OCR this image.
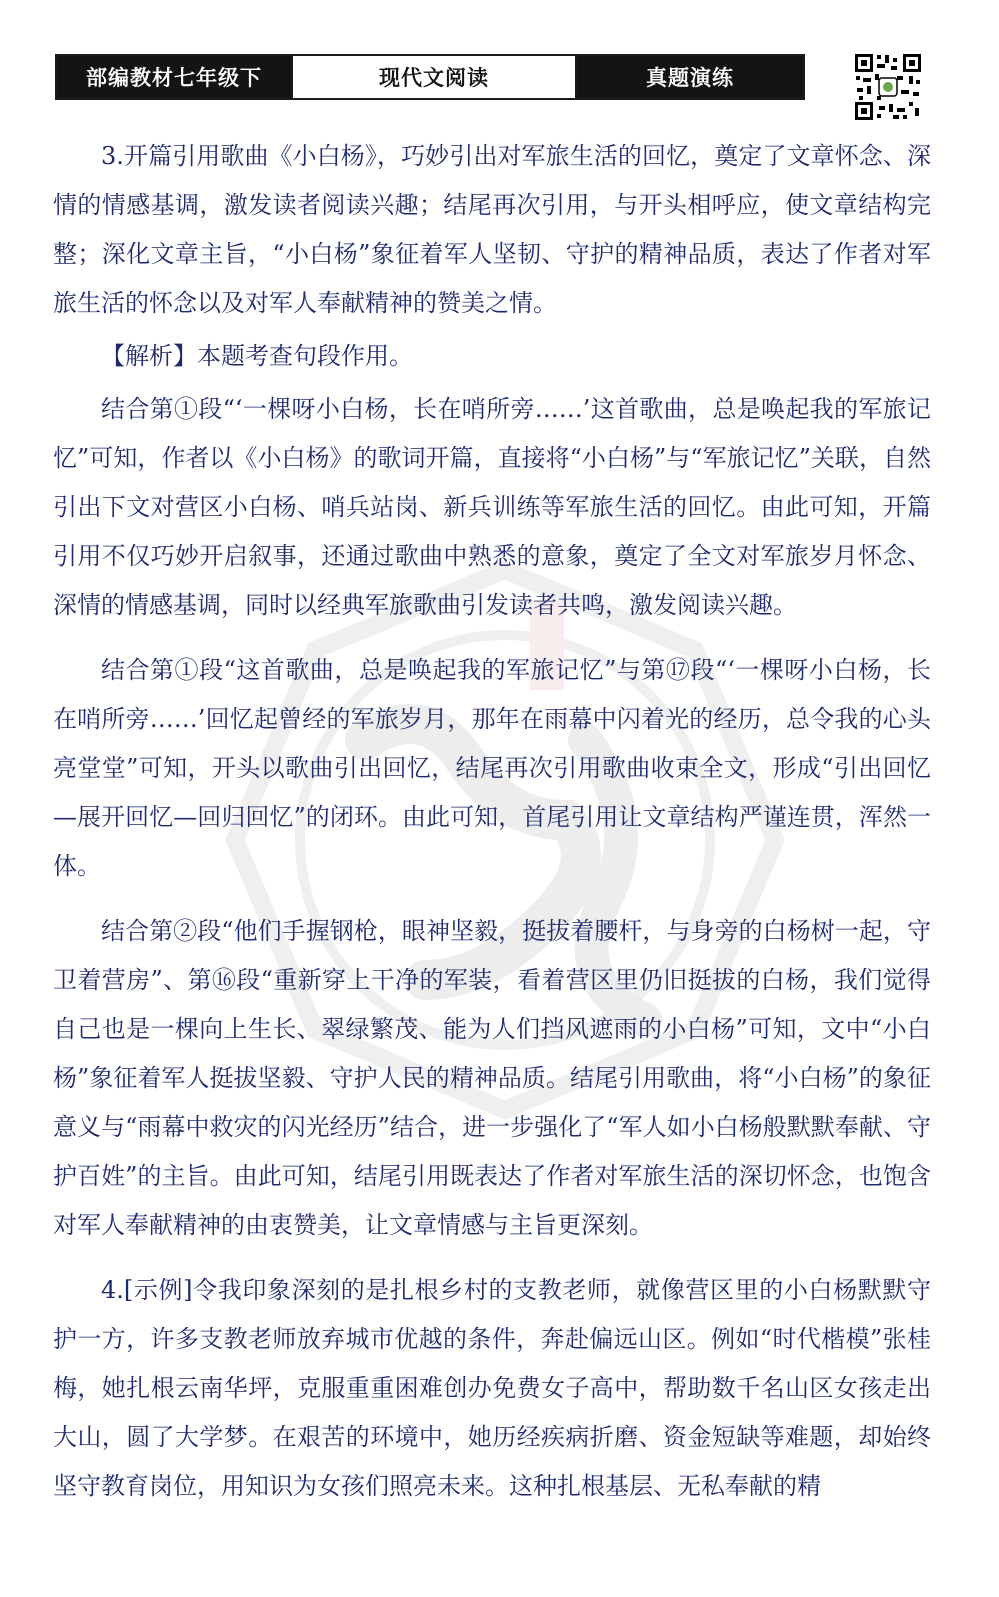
部编教材七年级下	现代文阅读	真题演练

3.开篇引用歌曲《小白杨》，巧妙引出对军旅生活的回忆，奠定了文章怀念、深情的情感基调，激发读者阅读兴趣；结尾再次引用，与开头相呼应，使文章结构完整；深化文章主旨，“小白杨”象征着军人坚韧、守护的精神品质，表达了作者对军旅生活的怀念以及对军人奉献精神的赞美之情。

【解析】本题考查句段作用。

结合第①段“‘一棵呀小白杨，长在哨所旁……’这首歌曲，总是唤起我的军旅记忆”可知，作者以《小白杨》的歌词开篇，直接将“小白杨”与“军旅记忆”关联，自然引出下文对营区小白杨、哨兵站岗、新兵训练等军旅生活的回忆。由此可知，开篇引用不仅巧妙开启叙事，还通过歌曲中熟悉的意象，奠定了全文对军旅岁月怀念、深情的情感基调，同时以经典军旅歌曲引发读者共鸣，激发阅读兴趣。

结合第①段“这首歌曲，总是唤起我的军旅记忆”与第⑰段“‘一棵呀小白杨，长在哨所旁……’回忆起曾经的军旅岁月，那年在雨幕中闪着光的经历，总令我的心头亮堂堂”可知，开头以歌曲引出回忆，结尾再次引用歌曲收束全文，形成“引出回忆—展开回忆—回归回忆”的闭环。由此可知，首尾引用让文章结构严谨连贯，浑然一体。

结合第②段“他们手握钢枪，眼神坚毅，挺拔着腰杆，与身旁的白杨树一起，守卫着营房”、第⑯段“重新穿上干净的军装，看着营区里仍旧挺拔的白杨，我们觉得自己也是一棵向上生长、翠绿繁茂、能为人们挡风遮雨的小白杨”可知，文中“小白杨”象征着军人挺拔坚毅、守护人民的精神品质。结尾引用歌曲，将“小白杨”的象征意义与“雨幕中救灾的闪光经历”结合，进一步强化了“军人如小白杨般默默奉献、守护百姓”的主旨。由此可知，结尾引用既表达了作者对军旅生活的深切怀念，也饱含对军人奉献精神的由衷赞美，让文章情感与主旨更深刻。

4.[示例]令我印象深刻的是扎根乡村的支教老师，就像营区里的小白杨默默守护一方，许多支教老师放弃城市优越的条件，奔赴偏远山区。例如“时代楷模”张桂梅，她扎根云南华坪，克服重重困难创办免费女子高中，帮助数千名山区女孩走出大山，圆了大学梦。在艰苦的环境中，她历经疾病折磨、资金短缺等难题，却始终坚守教育岗位，用知识为女孩们照亮未来。这种扎根基层、无私奉献的精
